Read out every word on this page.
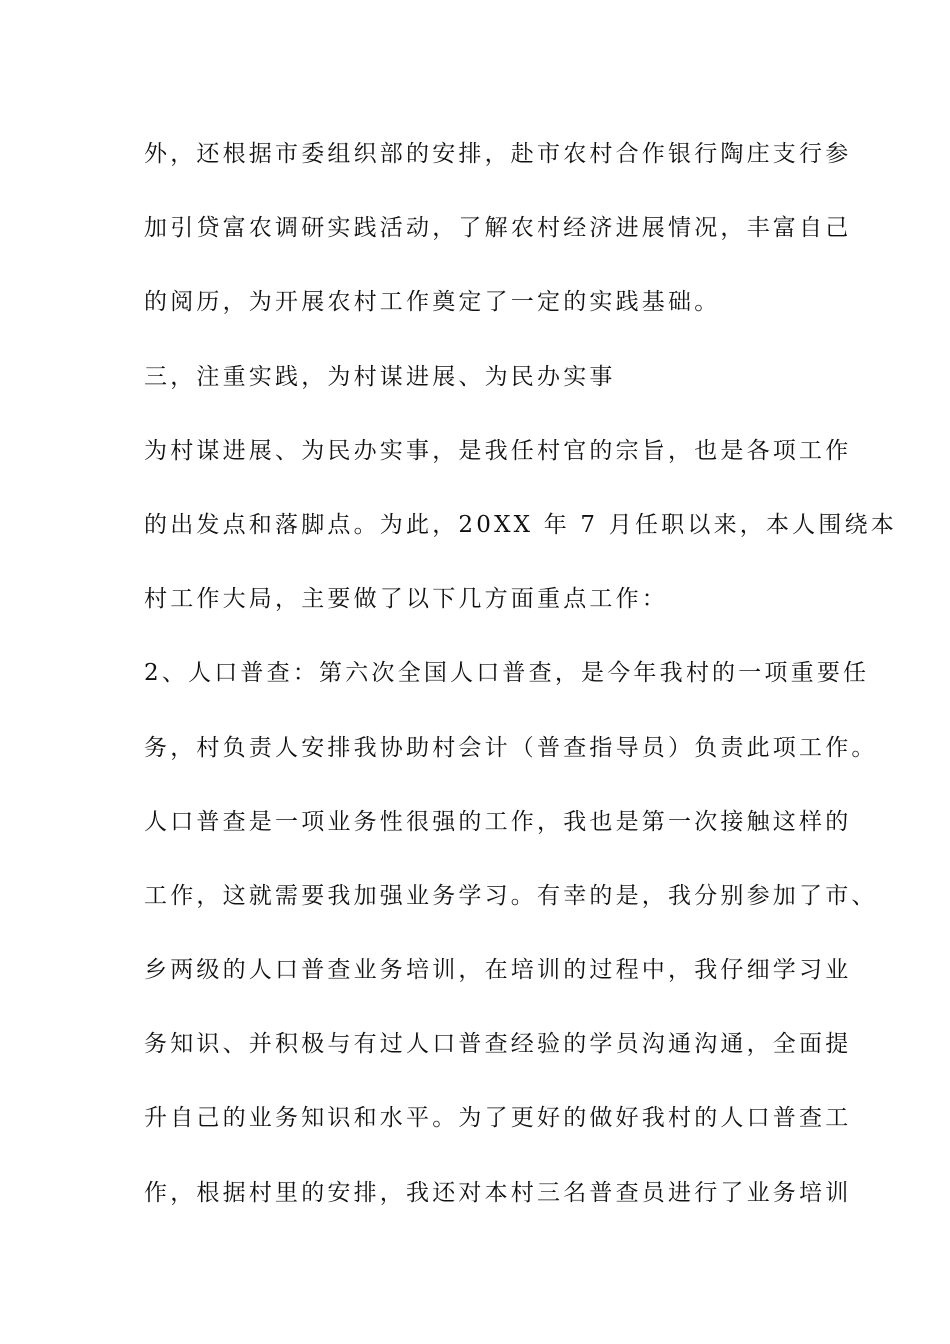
外，还根据市委组织部的安排，赴市农村合作银行陶庄支行参
加引贷富农调研实践活动，了解农村经济进展情况，丰富自己
的阅历，为开展农村工作奠定了一定的实践基础。
三，注重实践，为村谋进展、为民办实事
为村谋进展、为民办实事，是我任村官的宗旨，也是各项工作
的出发点和落脚点。为此，20XX 年 7 月任职以来，本人围绕本
村工作大局，主要做了以下几方面重点工作：
2、人口普查：第六次全国人口普查，是今年我村的一项重要任
务，村负责人安排我协助村会计（普查指导员）负责此项工作。
人口普查是一项业务性很强的工作，我也是第一次接触这样的
工作，这就需要我加强业务学习。有幸的是，我分别参加了市、
乡两级的人口普查业务培训，在培训的过程中，我仔细学习业
务知识、并积极与有过人口普查经验的学员沟通沟通，全面提
升自己的业务知识和水平。为了更好的做好我村的人口普查工
作，根据村里的安排，我还对本村三名普查员进行了业务培训
